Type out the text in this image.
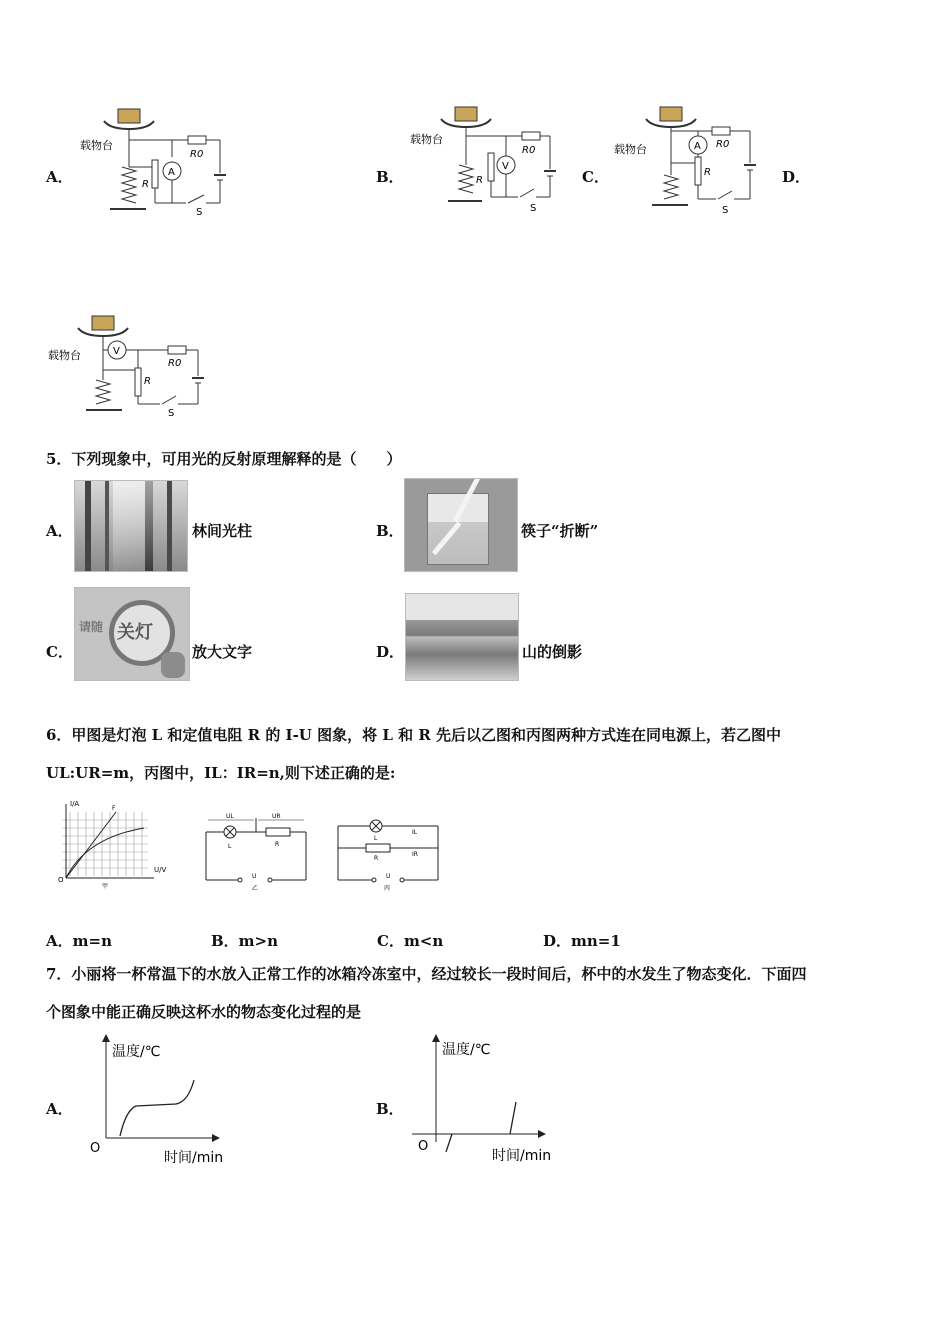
A．
载物台
R0
A
R
S
B．
载物台
R0
V
R
S
C．
载物台	R0
A
R
S
D．
载物台	V
R0
R
S
5．下列现象中，可用光的反射原理解释的是（　　）
A．	林间光柱	B．	筷子“折断”
C．
请随 关灯
放大文字	D．	山的倒影
6．甲图是灯泡 L 和定值电阻 R 的 I-U 图象，将 L 和 R 先后以乙图和丙图两种方式连在同电源上，若乙图中
UL:UR=m，丙图中，IL：IR=n,则下述正确的是:
I/A
U/V
O
F
甲
UL	UR
L	R
U
乙
L
R
IL
IR
U
丙
A．m=n	B．m>n	C．m<n	D．mn=1
7．小丽将一杯常温下的水放入正常工作的冰箱冷冻室中，经过较长一段时间后，杯中的水发生了物态变化．下面四
个图象中能正确反映这杯水的物态变化过程的是
A．
温度/℃
时间/min
O
B．
温度/℃
时间/min
O
